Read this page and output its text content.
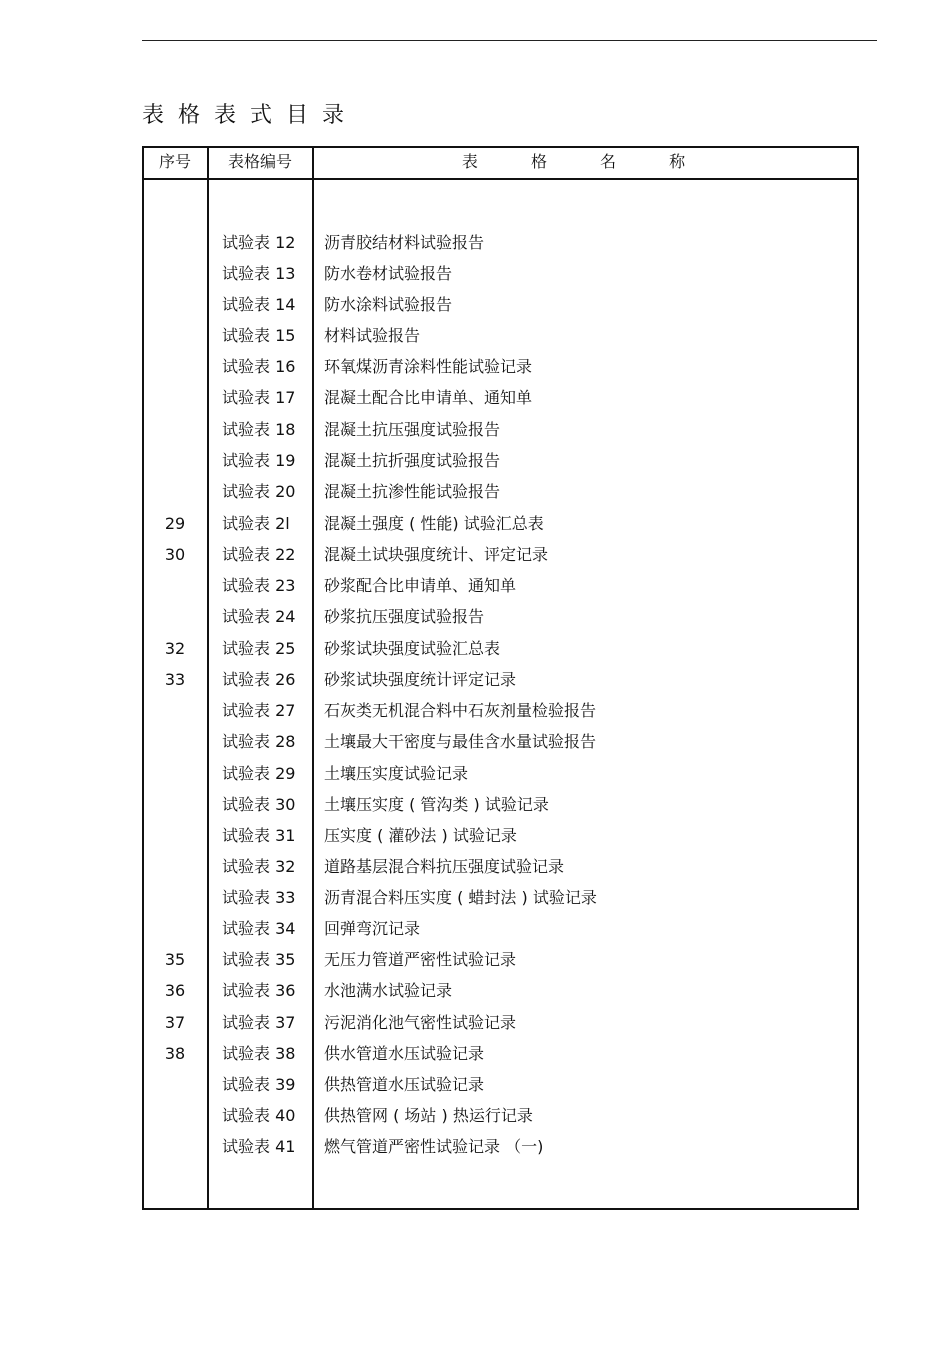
表格表式目录
序号	表格编号	表 格 名 称
试验表 12 沥青胶结材料试验报告
试验表 13 防水卷材试验报告
试验表 14 防水涂料试验报告
试验表 15 材料试验报告
试验表 16 环氧煤沥青涂料性能试验记录
试验表 17 混凝土配合比申请单、通知单
试验表 18 混凝土抗压强度试验报告
试验表 19 混凝土抗折强度试验报告
试验表 20 混凝土抗渗性能试验报告
29	试验表 2l 混凝土强度 ( 性能) 试验汇总表
30	试验表 22 混凝土试块强度统计、评定记录
试验表 23 砂浆配合比申请单、通知单
试验表 24 砂浆抗压强度试验报告
32	试验表 25 砂浆试块强度试验汇总表
33	试验表 26 砂浆试块强度统计评定记录
试验表 27 石灰类无机混合料中石灰剂量检验报告
试验表 28 土壤最大干密度与最佳含水量试验报告
试验表 29 土壤压实度试验记录
试验表 30 土壤压实度 ( 管沟类 ) 试验记录
试验表 31 压实度 ( 灌砂法 ) 试验记录
试验表 32 道路基层混合料抗压强度试验记录
试验表 33 沥青混合料压实度 ( 蜡封法 ) 试验记录
试验表 34 回弹弯沉记录
35	试验表 35 无压力管道严密性试验记录
36	试验表 36 水池满水试验记录
37	试验表 37 污泥消化池气密性试验记录
38	试验表 38 供水管道水压试验记录
试验表 39 供热管道水压试验记录
试验表 40 供热管网 ( 场站 ) 热运行记录
试验表 41 燃气管道严密性试验记录 （一)
